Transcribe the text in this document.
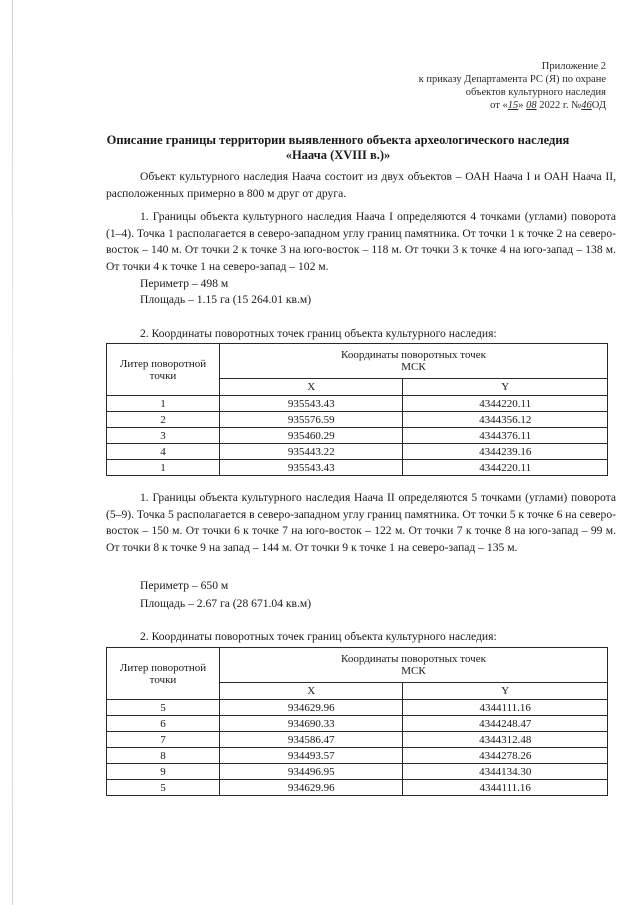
Приложение 2
к приказу Департамента РС (Я) по охране
объектов культурного наследия
от «15» 08 2022 г. №46ОД
Описание границы территории выявленного объекта археологического наследия
«Наача (XVIII в.)»
Объект культурного наследия Наача состоит из двух объектов – ОАН Наача I и ОАН Наача II, расположенных примерно в 800 м друг от друга.
1. Границы объекта культурного наследия Наача I определяются 4 точками (углами) поворота (1–4). Точка 1 располагается в северо-западном углу границ памятника. От точки 1 к точке 2 на северо-восток – 140 м. От точки 2 к точке 3 на юго-восток – 118 м. От точки 3 к точке 4 на юго-запад – 138 м. От точки 4 к точке 1 на северо-запад – 102 м.
Периметр – 498 м
Площадь – 1.15 га (15 264.01 кв.м)
2. Координаты поворотных точек границ объекта культурного наследия:
Литер поворотной точки	Координаты поворотных точек
МСК	

	X	Y
1	935543.43	4344220.11
2	935576.59	4344356.12
3	935460.29	4344376.11
4	935443.22	4344239.16
1	935543.43	4344220.11
1. Границы объекта культурного наследия Наача II определяются 5 точками (углами) поворота (5–9). Точка 5 располагается в северо-западном углу границ памятника. От точки 5 к точке 6 на северо-восток – 150 м. От точки 6 к точке 7 на юго-восток – 122 м. От точки 7 к точке 8 на юго-запад – 99 м. От точки 8 к точке 9 на запад – 144 м. От точки 9 к точке 1 на северо-запад – 135 м.
Периметр – 650 м
Площадь – 2.67 га (28 671.04 кв.м)
2. Координаты поворотных точек границ объекта культурного наследия:
Литер поворотной точки	Координаты поворотных точек
МСК	

	X	Y
5	934629.96	4344111.16
6	934690.33	4344248.47
7	934586.47	4344312.48
8	934493.57	4344278.26
9	934496.95	4344134.30
5	934629.96	4344111.16
